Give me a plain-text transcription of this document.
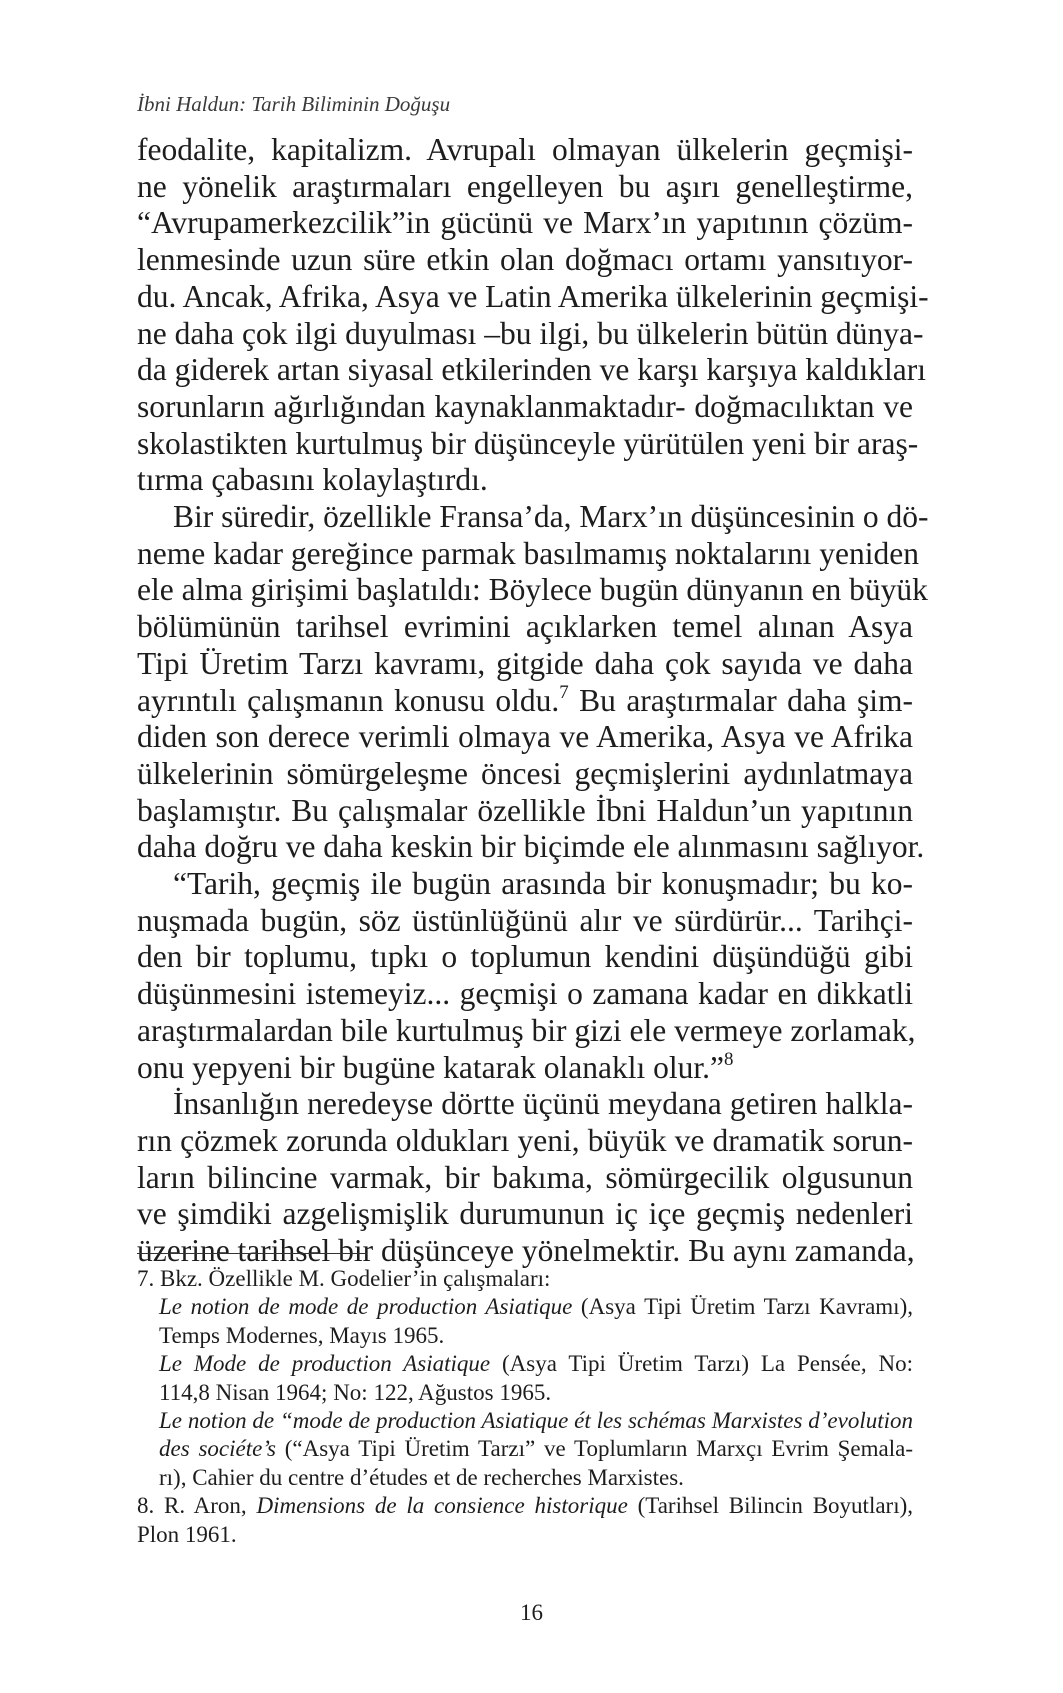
İbni Haldun: Tarih Biliminin Doğuşu

feodalite, kapitalizm. Avrupalı olmayan ülkelerin geçmişi-
ne yönelik araştırmaları engelleyen bu aşırı genelleştirme,
“Avrupamerkezcilik”in gücünü ve Marx’ın yapıtının çözüm-
lenmesinde uzun süre etkin olan doğmacı ortamı yansıtıyor-
du. Ancak, Afrika, Asya ve Latin Amerika ülkelerinin geçmişi-
ne daha çok ilgi duyulması –bu ilgi, bu ülkelerin bütün dünya-
da giderek artan siyasal etkilerinden ve karşı karşıya kaldıkları
sorunların ağırlığından kaynaklanmaktadır- doğmacılıktan ve
skolastikten kurtulmuş bir düşünceyle yürütülen yeni bir araş-
tırma çabasını kolaylaştırdı.

Bir süredir, özellikle Fransa’da, Marx’ın düşüncesinin o dö-
neme kadar gereğince parmak basılmamış noktalarını yeniden
ele alma girişimi başlatıldı: Böylece bugün dünyanın en büyük
bölümünün tarihsel evrimini açıklarken temel alınan Asya
Tipi Üretim Tarzı kavramı, gitgide daha çok sayıda ve daha
ayrıntılı çalışmanın konusu oldu.$^7$ Bu araştırmalar daha şim-
diden son derece verimli olmaya ve Amerika, Asya ve Afrika
ülkelerinin sömürgeleşme öncesi geçmişlerini aydınlatmaya
başlamıştır. Bu çalışmalar özellikle İbni Haldun’un yapıtının
daha doğru ve daha keskin bir biçimde ele alınmasını sağlıyor.

“Tarih, geçmiş ile bugün arasında bir konuşmadır; bu ko-
nuşmada bugün, söz üstünlüğünü alır ve sürdürür... Tarihçi-
den bir toplumu, tıpkı o toplumun kendini düşündüğü gibi
düşünmesini istemeyiz... geçmişi o zamana kadar en dikkatli
araştırmalardan bile kurtulmuş bir gizi ele vermeye zorlamak,
onu yepyeni bir bugüne katarak olanaklı olur.”$^8$

İnsanlığın neredeyse dörtte üçünü meydana getiren halkla-
rın çözmek zorunda oldukları yeni, büyük ve dramatik sorun-
ların bilincine varmak, bir bakıma, sömürgecilik olgusunun
ve şimdiki azgelişmişlik durumunun iç içe geçmiş nedenleri
üzerine tarihsel bir düşünceye yönelmektir. Bu aynı zamanda,

7. Bkz. Özellikle M. Godelier’in çalışmaları:
Le notion de mode de production Asiatique (Asya Tipi Üretim Tarzı Kavramı),
Temps Modernes, Mayıs 1965.
Le Mode de production Asiatique (Asya Tipi Üretim Tarzı) La Pensée, No:
114,8 Nisan 1964; No: 122, Ağustos 1965.
Le notion de “mode de production Asiatique ét les schémas Marxistes d’evolution
des sociéte’s (“Asya Tipi Üretim Tarzı” ve Toplumların Marxçı Evrim Şemala-
rı), Cahier du centre d’études et de recherches Marxistes.
8. R. Aron, Dimensions de la consience historique (Tarihsel Bilincin Boyutları),
Plon 1961.
16
